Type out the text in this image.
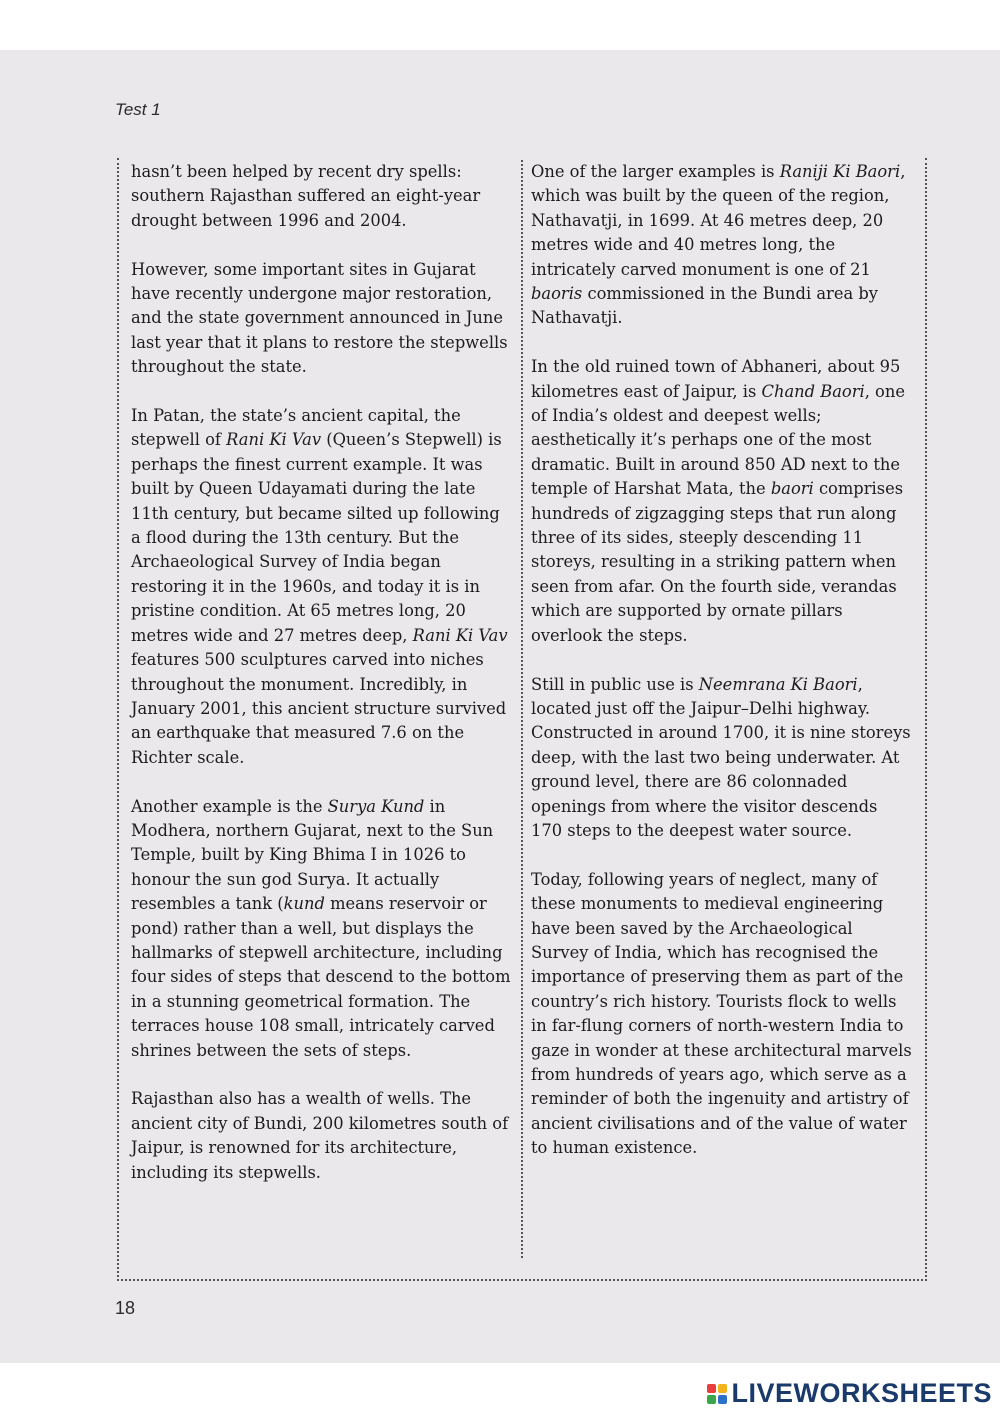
Test 1

hasn’t been helped by recent dry spells: southern Rajasthan suffered an eight-year drought between 1996 and 2004.

However, some important sites in Gujarat have recently undergone major restoration, and the state government announced in June last year that it plans to restore the stepwells throughout the state.

In Patan, the state’s ancient capital, the stepwell of Rani Ki Vav (Queen’s Stepwell) is perhaps the finest current example. It was built by Queen Udayamati during the late 11th century, but became silted up following a flood during the 13th century. But the Archaeological Survey of India began restoring it in the 1960s, and today it is in pristine condition. At 65 metres long, 20 metres wide and 27 metres deep, Rani Ki Vav features 500 sculptures carved into niches throughout the monument. Incredibly, in January 2001, this ancient structure survived an earthquake that measured 7.6 on the Richter scale.

Another example is the Surya Kund in Modhera, northern Gujarat, next to the Sun Temple, built by King Bhima I in 1026 to honour the sun god Surya. It actually resembles a tank (kund means reservoir or pond) rather than a well, but displays the hallmarks of stepwell architecture, including four sides of steps that descend to the bottom in a stunning geometrical formation. The terraces house 108 small, intricately carved shrines between the sets of steps.

Rajasthan also has a wealth of wells. The ancient city of Bundi, 200 kilometres south of Jaipur, is renowned for its architecture, including its stepwells.

One of the larger examples is Raniji Ki Baori, which was built by the queen of the region, Nathavatji, in 1699. At 46 metres deep, 20 metres wide and 40 metres long, the intricately carved monument is one of 21 baoris commissioned in the Bundi area by Nathavatji.

In the old ruined town of Abhaneri, about 95 kilometres east of Jaipur, is Chand Baori, one of India’s oldest and deepest wells; aesthetically it’s perhaps one of the most dramatic. Built in around 850 AD next to the temple of Harshat Mata, the baori comprises hundreds of zigzagging steps that run along three of its sides, steeply descending 11 storeys, resulting in a striking pattern when seen from afar. On the fourth side, verandas which are supported by ornate pillars overlook the steps.

Still in public use is Neemrana Ki Baori, located just off the Jaipur–Delhi highway. Constructed in around 1700, it is nine storeys deep, with the last two being underwater. At ground level, there are 86 colonnaded openings from where the visitor descends 170 steps to the deepest water source.

Today, following years of neglect, many of these monuments to medieval engineering have been saved by the Archaeological Survey of India, which has recognised the importance of preserving them as part of the country’s rich history. Tourists flock to wells in far-flung corners of north-western India to gaze in wonder at these architectural marvels from hundreds of years ago, which serve as a reminder of both the ingenuity and artistry of ancient civilisations and of the value of water to human existence.

18
LIVEWORKSHEETS
